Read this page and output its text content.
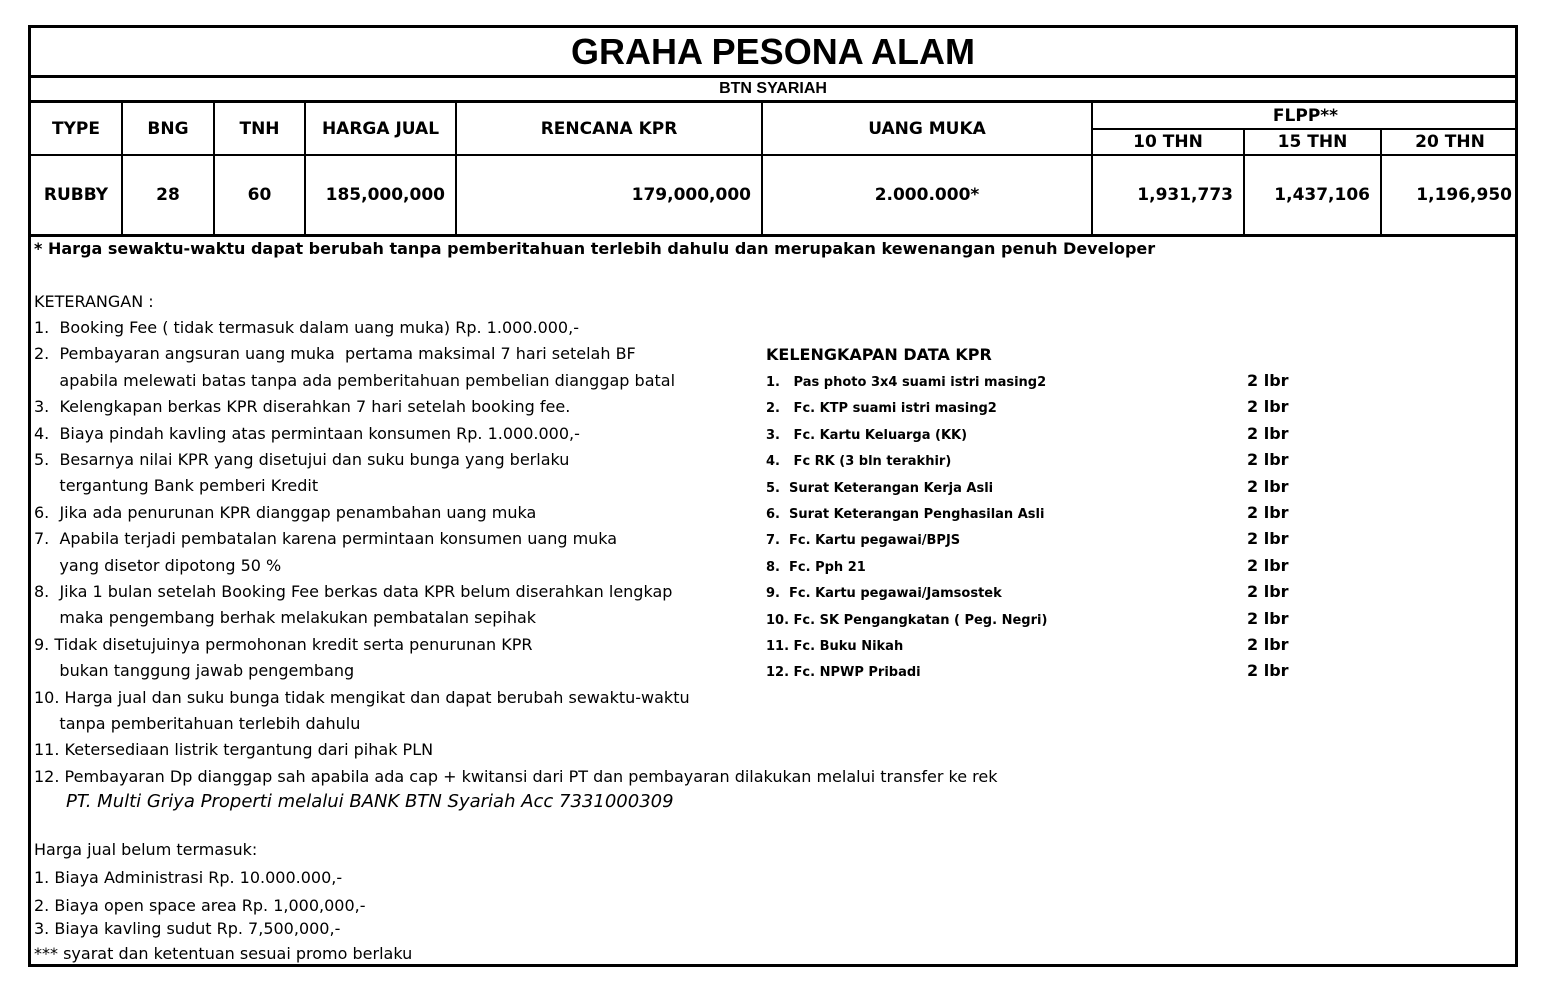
GRAHA PESONA ALAM
BTN SYARIAH
TYPE	BNG	TNH	HARGA JUAL	RENCANA KPR	UANG MUKA
FLPP**
10 THN	15 THN	20 THN
RUBBY	28	60	185,000,000	179,000,000	2.000.000*	1,931,773	1,437,106	1,196,950
* Harga sewaktu-waktu dapat berubah tanpa pemberitahuan terlebih dahulu dan merupakan kewenangan penuh Developer
KETERANGAN :
1.  Booking Fee ( tidak termasuk dalam uang muka) Rp. 1.000.000,-
2.  Pembayaran angsuran uang muka  pertama maksimal 7 hari setelah BF
apabila melewati batas tanpa ada pemberitahuan pembelian dianggap batal
3.  Kelengkapan berkas KPR diserahkan 7 hari setelah booking fee.
4.  Biaya pindah kavling atas permintaan konsumen Rp. 1.000.000,-
5.  Besarnya nilai KPR yang disetujui dan suku bunga yang berlaku
tergantung Bank pemberi Kredit
6.  Jika ada penurunan KPR dianggap penambahan uang muka
7.  Apabila terjadi pembatalan karena permintaan konsumen uang muka
yang disetor dipotong 50 %
8.  Jika 1 bulan setelah Booking Fee berkas data KPR belum diserahkan lengkap
maka pengembang berhak melakukan pembatalan sepihak
9. Tidak disetujuinya permohonan kredit serta penurunan KPR
bukan tanggung jawab pengembang
10. Harga jual dan suku bunga tidak mengikat dan dapat berubah sewaktu-waktu
tanpa pemberitahuan terlebih dahulu
11. Ketersediaan listrik tergantung dari pihak PLN
12. Pembayaran Dp dianggap sah apabila ada cap + kwitansi dari PT dan pembayaran dilakukan melalui transfer ke rek
PT. Multi Griya Properti melalui BANK BTN Syariah Acc 7331000309
KELENGKAPAN DATA KPR
1.   Pas photo 3x4 suami istri masing2	2 lbr
2.   Fc. KTP suami istri masing2	2 lbr
3.   Fc. Kartu Keluarga (KK)	2 lbr
4.   Fc RK (3 bln terakhir)	2 lbr
5.  Surat Keterangan Kerja Asli	2 lbr
6.  Surat Keterangan Penghasilan Asli	2 lbr
7.  Fc. Kartu pegawai/BPJS	2 lbr
8.  Fc. Pph 21	2 lbr
9.  Fc. Kartu pegawai/Jamsostek	2 lbr
10. Fc. SK Pengangkatan ( Peg. Negri)	2 lbr
11. Fc. Buku Nikah	2 lbr
12. Fc. NPWP Pribadi	2 lbr
Harga jual belum termasuk:
1. Biaya Administrasi Rp. 10.000.000,-
2. Biaya open space area Rp. 1,000,000,-
3. Biaya kavling sudut Rp. 7,500,000,-
*** syarat dan ketentuan sesuai promo berlaku
